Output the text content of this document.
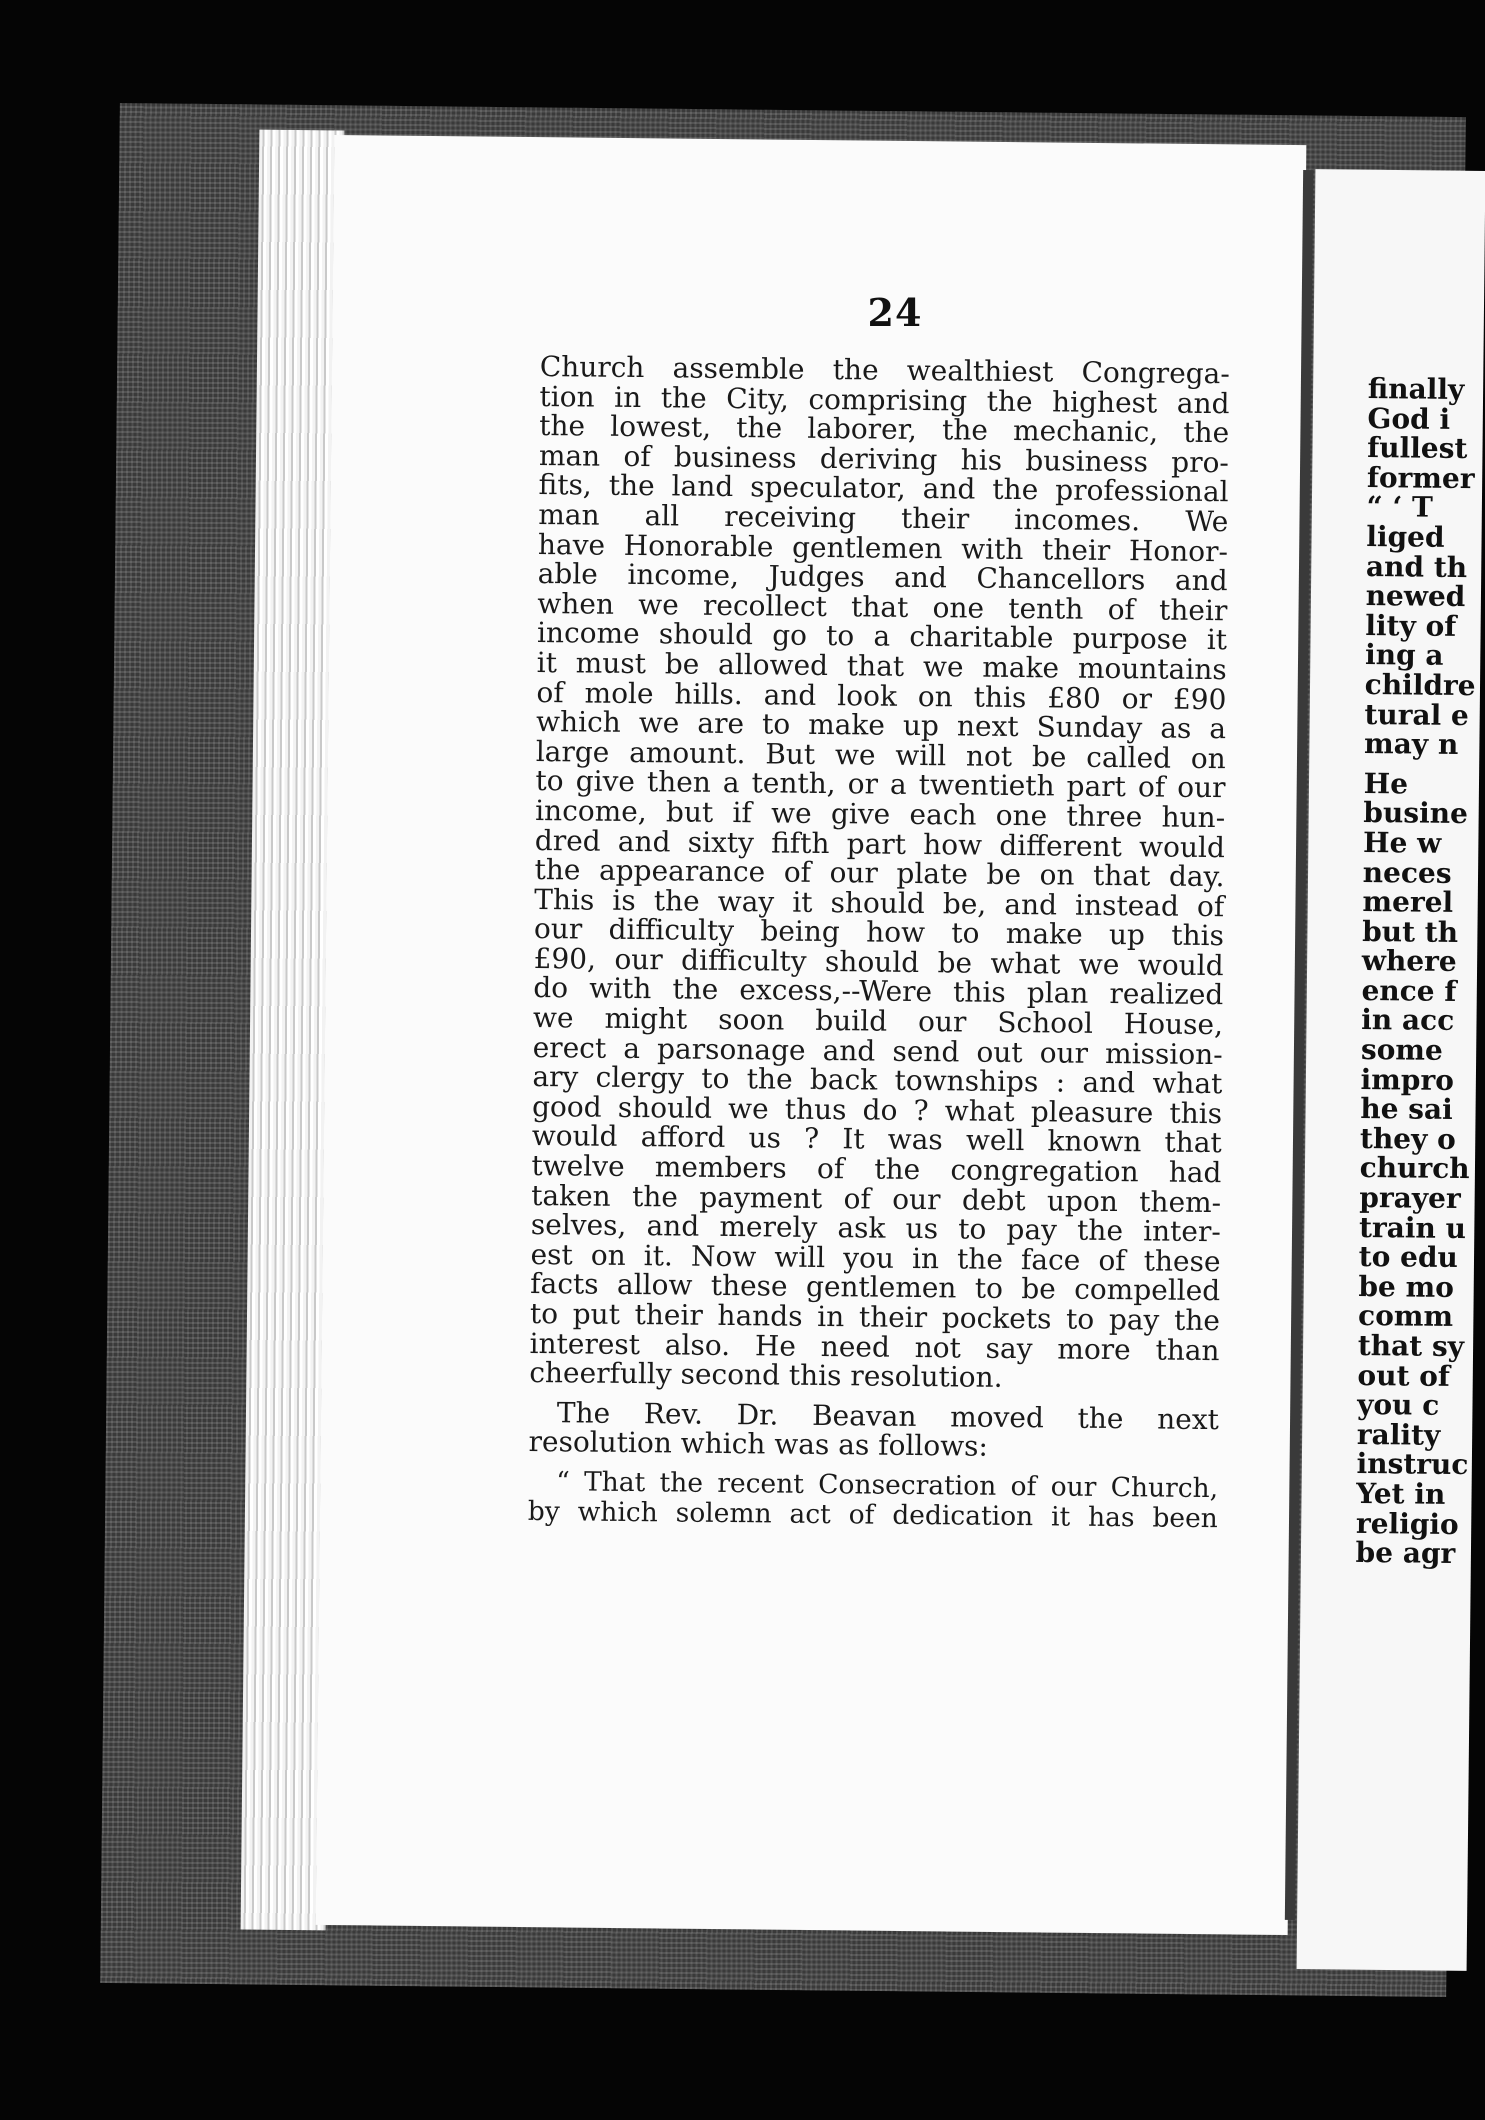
24
Church assemble the wealthiest Congrega-
tion in the City, comprising the highest and
the lowest, the laborer, the mechanic, the
man of business deriving his business pro-
fits, the land speculator, and the professional
man all receiving their incomes. We
have Honorable gentlemen with their Honor-
able income, Judges and Chancellors and
when we recollect that one tenth of their
income should go to a charitable purpose it
it must be allowed that we make mountains
of mole hills. and look on this £80 or £90
which we are to make up next Sunday as a
large amount. But we will not be called on
to give then a tenth, or a twentieth part of our
income, but if we give each one three hun-
dred and sixty fifth part how different would
the appearance of our plate be on that day.
This is the way it should be, and instead of
our difficulty being how to make up this
£90, our difficulty should be what we would
do with the excess,--Were this plan realized
we might soon build our School House,
erect a parsonage and send out our mission-
ary clergy to the back townships : and what
good should we thus do ? what pleasure this
would afford us ? It was well known that
twelve members of the congregation had
taken the payment of our debt upon them-
selves, and merely ask us to pay the inter-
est on it. Now will you in the face of these
facts allow these gentlemen to be compelled
to put their hands in their pockets to pay the
interest also. He need not say more than
cheerfully second this resolution.
The Rev. Dr. Beavan moved the next
resolution which was as follows:
“ That the recent Consecration of our Church,
by which solemn act of dedication it has been
finally
God i
fullest
former
“ ‘ T
liged
and th
newed
lity of
ing a
childre
tural e
may n
He
busine
He w
neces
merel
but th
where
ence f
in acc
some
impro
he sai
they o
church
prayer
train u
to edu
be mo
comm
that sy
out of
you c
rality
instruc
Yet in
religio
be agr
